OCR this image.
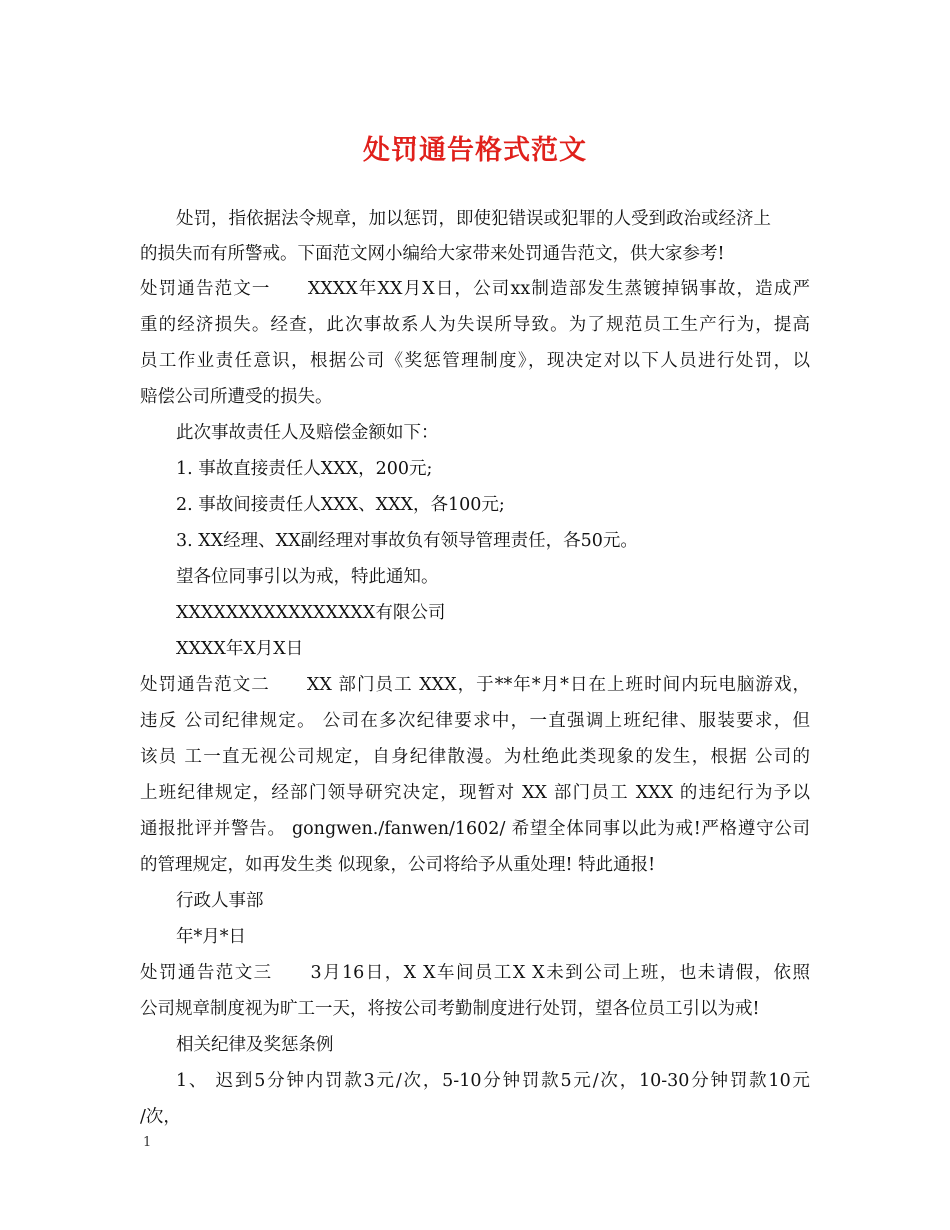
处罚通告格式范文
处罚，指依据法令规章，加以惩罚，即使犯错误或犯罪的人受到政治或经济上
的损失而有所警戒。下面范文网小编给大家带来处罚通告范文，供大家参考!
处罚通告范文一　　XXXX年XX月X日，公司xx制造部发生蒸镀掉锅事故，造成严
重的经济损失。经查，此次事故系人为失误所导致。为了规范员工生产行为，提高
员工作业责任意识，根据公司《奖惩管理制度》，现决定对以下人员进行处罚，以
赔偿公司所遭受的损失。
此次事故责任人及赔偿金额如下：
1. 事故直接责任人XXX，200元;
2. 事故间接责任人XXX、XXX，各100元;
3. XX经理、XX副经理对事故负有领导管理责任，各50元。
望各位同事引以为戒，特此通知。
XXXXXXXXXXXXXXXX有限公司
XXXX年X月X日
处罚通告范文二　　XX 部门员工 XXX，于**年*月*日在上班时间内玩电脑游戏，
违反 公司纪律规定。 公司在多次纪律要求中，一直强调上班纪律、服装要求，但
该员 工一直无视公司规定，自身纪律散漫。为杜绝此类现象的发生，根据 公司的
上班纪律规定，经部门领导研究决定，现暂对 XX 部门员工 XXX 的违纪行为予以
通报批评并警告。 gongwen./fanwen/1602/ 希望全体同事以此为戒!严格遵守公司
的管理规定，如再发生类 似现象，公司将给予从重处理! 特此通报!
行政人事部
年*月*日
处罚通告范文三　　3月16日，X X车间员工X X未到公司上班，也未请假，依照
公司规章制度视为旷工一天，将按公司考勤制度进行处罚，望各位员工引以为戒!
相关纪律及奖惩条例
1、 迟到5分钟内罚款3元/次，5-10分钟罚款5元/次，10-30分钟罚款10元
/次，
1
